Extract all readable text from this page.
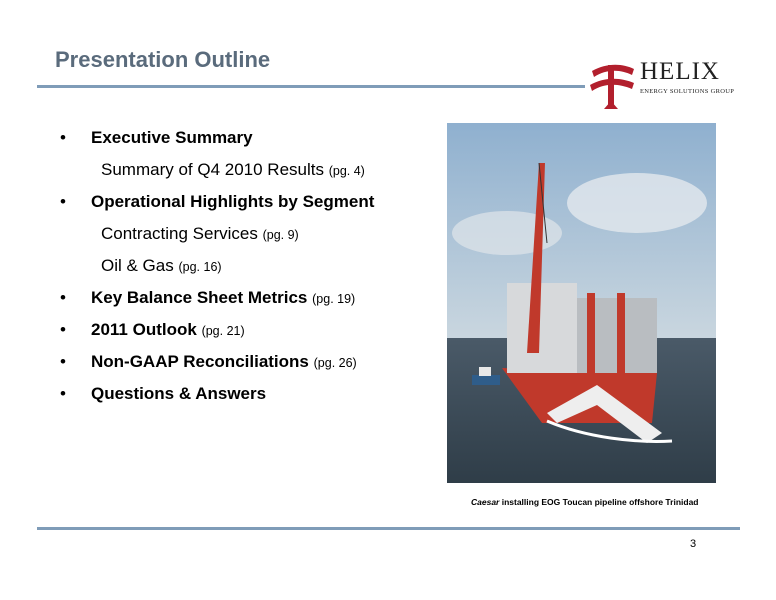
Presentation Outline	HELIX
ENERGY SOLUTIONS GROUP
• Executive Summary
Summary of Q4 2010 Results (pg. 4)
• Operational Highlights by Segment
Contracting Services (pg. 9)
Oil & Gas (pg. 16)
• Key Balance Sheet Metrics (pg. 19)
• 2011 Outlook (pg. 21)
• Non-GAAP Reconciliations (pg. 26)
• Questions & Answers
Caesar installing EOG Toucan pipeline offshore Trinidad
3
